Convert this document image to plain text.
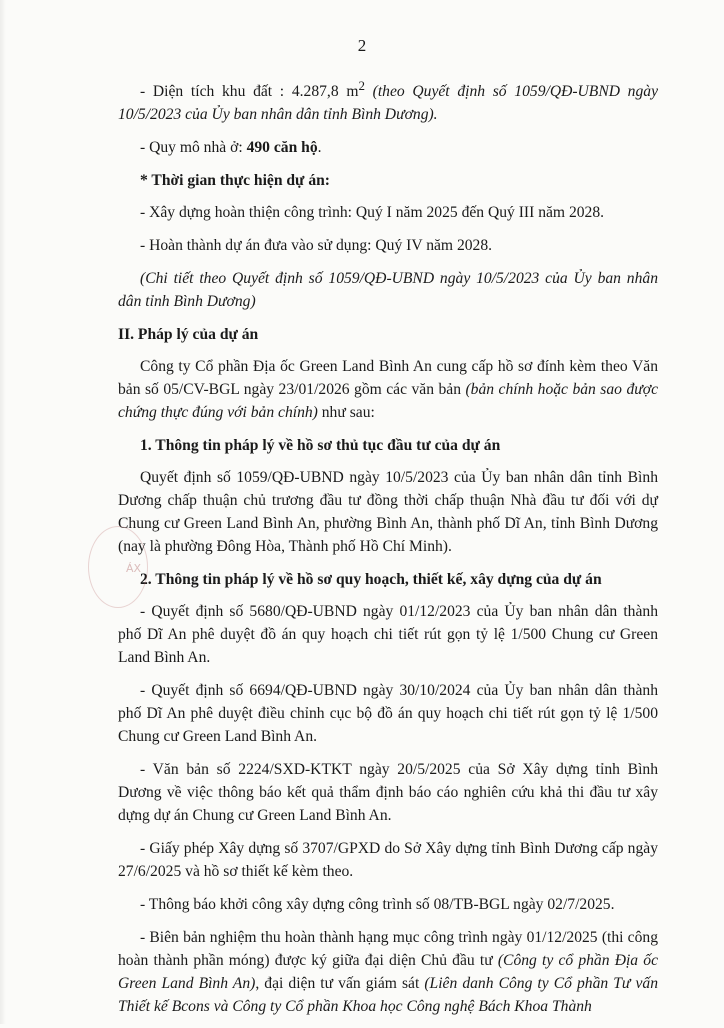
2
ÁX

- Diện tích khu đất : 4.287,8 $m^2$ (theo Quyết định số 1059/QĐ-UBND ngày 10/5/2023 của Ủy ban nhân dân tỉnh Bình Dương).

- Quy mô nhà ở: 490 căn hộ.

* Thời gian thực hiện dự án:

- Xây dựng hoàn thiện công trình: Quý I năm 2025 đến Quý III năm 2028.

- Hoàn thành dự án đưa vào sử dụng: Quý IV năm 2028.

(Chi tiết theo Quyết định số 1059/QĐ-UBND ngày 10/5/2023 của Ủy ban nhân dân tỉnh Bình Dương)

II. Pháp lý của dự án

Công ty Cổ phần Địa ốc Green Land Bình An cung cấp hồ sơ đính kèm theo Văn bản số 05/CV-BGL ngày 23/01/2026 gồm các văn bản (bản chính hoặc bản sao được chứng thực đúng với bản chính) như sau:

1. Thông tin pháp lý về hồ sơ thủ tục đầu tư của dự án

Quyết định số 1059/QĐ-UBND ngày 10/5/2023 của Ủy ban nhân dân tỉnh Bình Dương chấp thuận chủ trương đầu tư đồng thời chấp thuận Nhà đầu tư đối với dự Chung cư Green Land Bình An, phường Bình An, thành phố Dĩ An, tỉnh Bình Dương (nay là phường Đông Hòa, Thành phố Hồ Chí Minh).

2. Thông tin pháp lý về hồ sơ quy hoạch, thiết kế, xây dựng của dự án

- Quyết định số 5680/QĐ-UBND ngày 01/12/2023 của Ủy ban nhân dân thành phố Dĩ An phê duyệt đồ án quy hoạch chi tiết rút gọn tỷ lệ 1/500 Chung cư Green Land Bình An.

- Quyết định số 6694/QĐ-UBND ngày 30/10/2024 của Ủy ban nhân dân thành phố Dĩ An phê duyệt điều chỉnh cục bộ đồ án quy hoạch chi tiết rút gọn tỷ lệ 1/500 Chung cư Green Land Bình An.

- Văn bản số 2224/SXD-KTKT ngày 20/5/2025 của Sở Xây dựng tỉnh Bình Dương về việc thông báo kết quả thẩm định báo cáo nghiên cứu khả thi đầu tư xây dựng dự án Chung cư Green Land Bình An.

- Giấy phép Xây dựng số 3707/GPXD do Sở Xây dựng tỉnh Bình Dương cấp ngày 27/6/2025 và hồ sơ thiết kế kèm theo.

- Thông báo khởi công xây dựng công trình số 08/TB-BGL ngày 02/7/2025.

- Biên bản nghiệm thu hoàn thành hạng mục công trình ngày 01/12/2025 (thi công hoàn thành phần móng) được ký giữa đại diện Chủ đầu tư (Công ty cổ phần Địa ốc Green Land Bình An), đại diện tư vấn giám sát (Liên danh Công ty Cổ phần Tư vấn Thiết kế Bcons và Công ty Cổ phần Khoa học Công nghệ Bách Khoa Thành
